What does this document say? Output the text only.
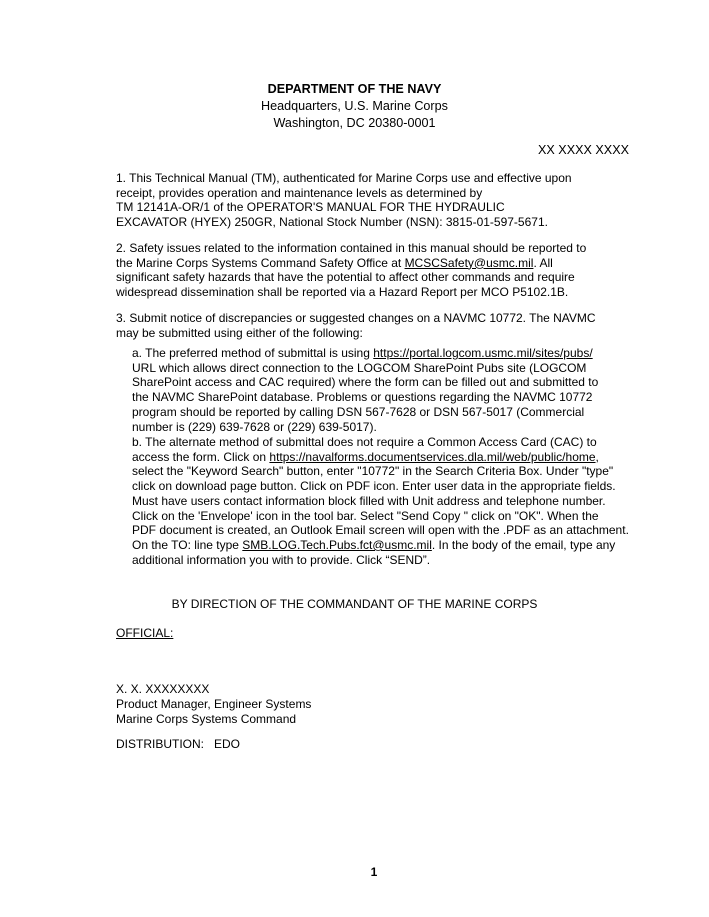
DEPARTMENT OF THE NAVY
Headquarters, U.S. Marine Corps
Washington, DC 20380-0001
XX XXXX XXXX
1. This Technical Manual (TM), authenticated for Marine Corps use and effective upon
receipt, provides operation and maintenance levels as determined by
TM 12141A-OR/1 of the OPERATOR'S MANUAL FOR THE HYDRAULIC
EXCAVATOR (HYEX) 250GR, National Stock Number (NSN): 3815-01-597-5671.
2. Safety issues related to the information contained in this manual should be reported to
the Marine Corps Systems Command Safety Office at MCSCSafety@usmc.mil. All
significant safety hazards that have the potential to affect other commands and require
widespread dissemination shall be reported via a Hazard Report per MCO P5102.1B.
3. Submit notice of discrepancies or suggested changes on a NAVMC 10772. The NAVMC
may be submitted using either of the following:
a. The preferred method of submittal is using https://portal.logcom.usmc.mil/sites/pubs/
URL which allows direct connection to the LOGCOM SharePoint Pubs site (LOGCOM
SharePoint access and CAC required) where the form can be filled out and submitted to
the NAVMC SharePoint database. Problems or questions regarding the NAVMC 10772
program should be reported by calling DSN 567-7628 or DSN 567-5017 (Commercial
number is (229) 639-7628 or (229) 639-5017).
b. The alternate method of submittal does not require a Common Access Card (CAC) to
access the form. Click on https://navalforms.documentservices.dla.mil/web/public/home,
select the "Keyword Search" button, enter "10772" in the Search Criteria Box. Under "type"
click on download page button. Click on PDF icon. Enter user data in the appropriate fields.
Must have users contact information block filled with Unit address and telephone number.
Click on the 'Envelope' icon in the tool bar. Select "Send Copy " click on "OK". When the
PDF document is created, an Outlook Email screen will open with the .PDF as an attachment.
On the TO: line type SMB.LOG.Tech.Pubs.fct@usmc.mil. In the body of the email, type any
additional information you with to provide. Click “SEND”.
BY DIRECTION OF THE COMMANDANT OF THE MARINE CORPS
OFFICIAL:
X. X. XXXXXXXX
Product Manager, Engineer Systems
Marine Corps Systems Command
DISTRIBUTION:   EDO
1
